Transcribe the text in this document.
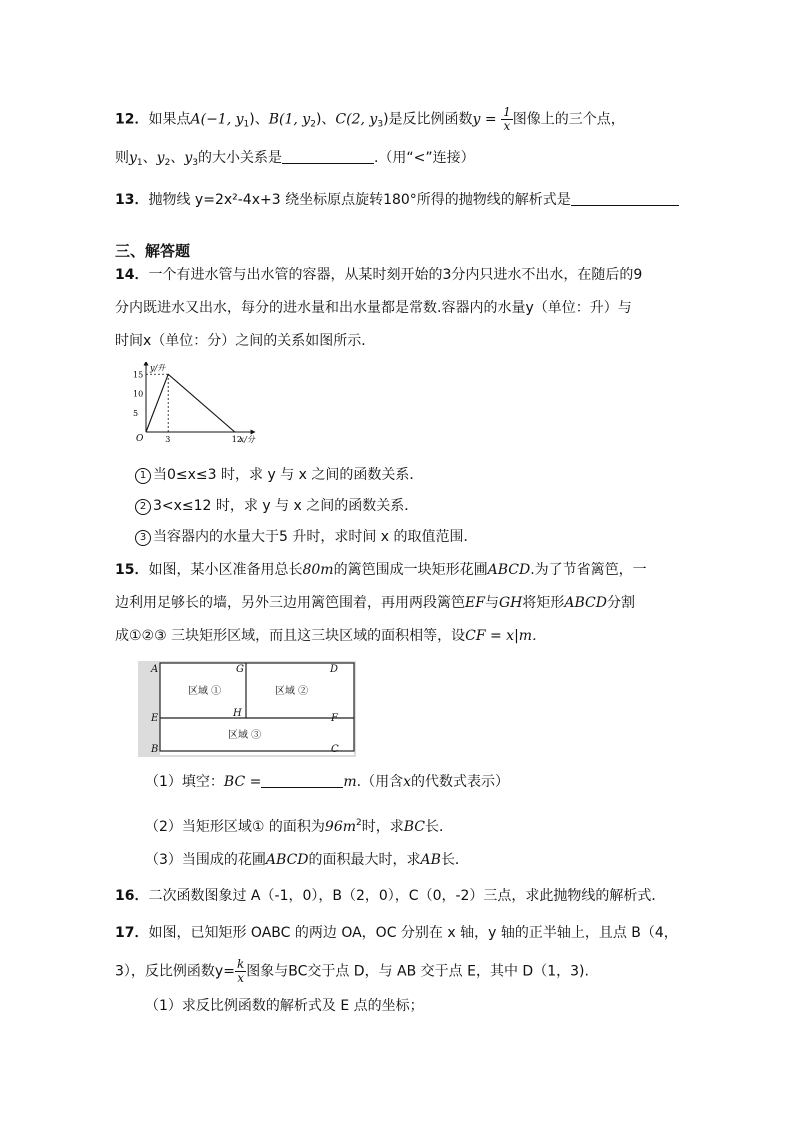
12．如果点A(−1, $y_1$)、B(1, $y_2$)、C(2, $y_3$)是反比例函数$y = \frac{1}{x}$ 图像上的三个点，
则$y_1$、$y_2$、$y_3$的大小关系是	.（用“<”连接）
13．抛物线 y=2x²-4x+3 绕坐标原点旋转180°所得的抛物线的解析式是
三、解答题
14．一个有进水管与出水管的容器，从某时刻开始的3分内只进水不出水，在随后的9
分内既进水又出水，每分的进水量和出水量都是常数.容器内的水量y（单位：升）与
时间x（单位：分）之间的关系如图所示．
x/分
y/升
O	3	12
5
10
15
1 当0≤x≤3 时，求 y 与 x 之间的函数关系．
2 3<x≤12 时，求 y 与 x 之间的函数关系．
3 当容器内的水量大于5 升时，求时间 x 的取值范围．
15．如图，某小区准备用总长80m的篱笆围成一块矩形花圃ABCD.为了节省篱笆，一
边利用足够长的墙，另外三边用篱笆围着，再用两段篱笆EF与GH将矩形ABCD分割
成①②③ 三块矩形区域，而且这三块区域的面积相等，设CF = x|m．
A	G	D
E	H	F
B	C
区域 ①	区域 ②
区域 ③
（1）填空：BC =	m.（用含x的代数式表示）
（2）当矩形区域① 的面积为$96m^2$时，求BC长．
（3）当围成的花圃ABCD的面积最大时，求AB长．
16．二次函数图象过 A（-1，0），B（2，0），C（0，-2）三点，求此抛物线的解析式．
17．如图，已知矩形 OABC 的两边 OA，OC 分别在 x 轴，y 轴的正半轴上，且点 B（4，
3），反比例函数$y= \frac{k}{x}$ 图象与BC交于点 D，与 AB 交于点 E，其中 D（1，3).
（1）求反比例函数的解析式及 E 点的坐标；
